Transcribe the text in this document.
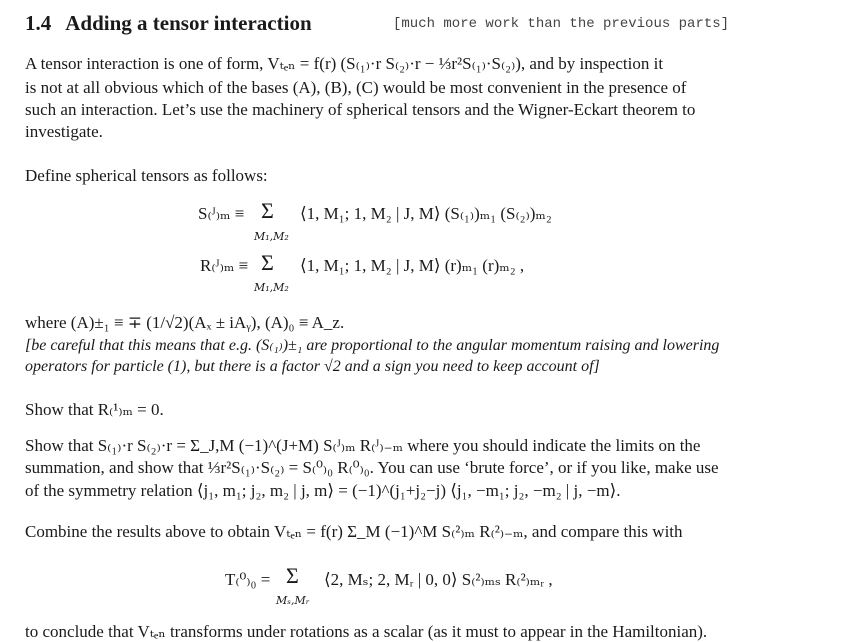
1.4 Adding a tensor interaction	[much more work than the previous parts]
A tensor interaction is one of form, Vₜₑₙ = f(r) (S₍₁₎·r S₍₂₎·r − ⅓r²S₍₁₎·S₍₂₎), and by inspection it
is not at all obvious which of the bases (A), (B), (C) would be most convenient in the presence of
such an interaction. Let’s use the machinery of spherical tensors and the Wigner-Eckart theorem to
investigate.
Define spherical tensors as follows:
S₍ᴶ₎ₘ ≡ Σ
M₁,M₂
⟨1, M₁; 1, M₂ | J, M⟩ (S₍₁₎)ₘ₁ (S₍₂₎)ₘ₂
R₍ᴶ₎ₘ ≡ Σ
M₁,M₂
⟨1, M₁; 1, M₂ | J, M⟩ (r)ₘ₁ (r)ₘ₂ ,
where (A)±₁ ≡ ∓ (1/√2)(Aₓ ± iAᵧ), (A)₀ ≡ A_z.
[be careful that this means that e.g. (S₍₁₎)±₁ are proportional to the angular momentum raising and lowering
operators for particle (1), but there is a factor √2 and a sign you need to keep account of]
Show that R₍¹₎ₘ = 0.
Show that S₍₁₎·r S₍₂₎·r = Σ_J,M (−1)^(J+M) S₍ᴶ₎ₘ R₍ᴶ₎₋ₘ where you should indicate the limits on the
summation, and show that ⅓r²S₍₁₎·S₍₂₎ = S₍⁰₎₀ R₍⁰₎₀. You can use ‘brute force’, or if you like, make use
of the symmetry relation ⟨j₁, m₁; j₂, m₂ | j, m⟩ = (−1)^(j₁+j₂−j) ⟨j₁, −m₁; j₂, −m₂ | j, −m⟩.
Combine the results above to obtain Vₜₑₙ = f(r) Σ_M (−1)^M S₍²₎ₘ R₍²₎₋ₘ, and compare this with
T₍⁰₎₀ = Σ
Mₛ,Mᵣ
⟨2, Mₛ; 2, Mᵣ | 0, 0⟩ S₍²₎ₘₛ R₍²₎ₘᵣ ,
to conclude that Vₜₑₙ transforms under rotations as a scalar (as it must to appear in the Hamiltonian).
